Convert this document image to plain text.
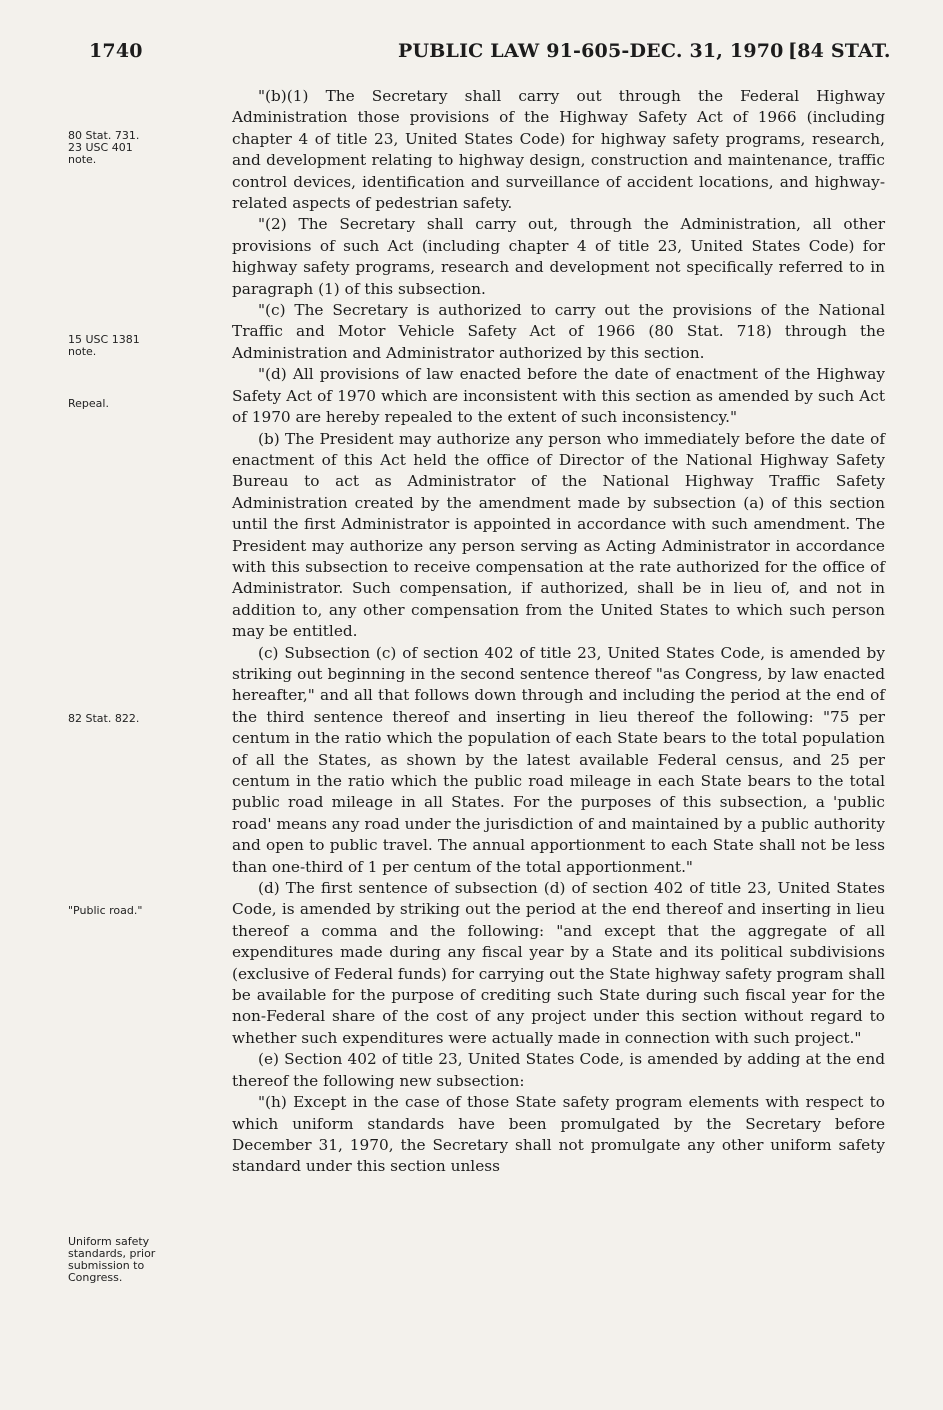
1740	PUBLIC LAW 91-605-DEC. 31, 1970 [84 STAT.
80 Stat. 731.
23 USC 401
note.
15 USC 1381
note.
Repeal.
82 Stat. 822.
"Public road."
Uniform safety
standards, prior
submission to
Congress.

"(b)(1) The Secretary shall carry out through the Federal Highway Administration those provisions of the Highway Safety Act of 1966 (including chapter 4 of title 23, United States Code) for highway safety programs, research, and development relating to highway design, construction and maintenance, traffic control devices, identification and surveillance of accident locations, and highway-related aspects of pedestrian safety.

"(2) The Secretary shall carry out, through the Administration, all other provisions of such Act (including chapter 4 of title 23, United States Code) for highway safety programs, research and development not specifically referred to in paragraph (1) of this subsection.

"(c) The Secretary is authorized to carry out the provisions of the National Traffic and Motor Vehicle Safety Act of 1966 (80 Stat. 718) through the Administration and Administrator authorized by this section.

"(d) All provisions of law enacted before the date of enactment of the Highway Safety Act of 1970 which are inconsistent with this section as amended by such Act of 1970 are hereby repealed to the extent of such inconsistency."

(b) The President may authorize any person who immediately before the date of enactment of this Act held the office of Director of the National Highway Safety Bureau to act as Administrator of the National Highway Traffic Safety Administration created by the amendment made by subsection (a) of this section until the first Administrator is appointed in accordance with such amendment. The President may authorize any person serving as Acting Administrator in accordance with this subsection to receive compensation at the rate authorized for the office of Administrator. Such compensation, if authorized, shall be in lieu of, and not in addition to, any other compensation from the United States to which such person may be entitled.

(c) Subsection (c) of section 402 of title 23, United States Code, is amended by striking out beginning in the second sentence thereof "as Congress, by law enacted hereafter," and all that follows down through and including the period at the end of the third sentence thereof and inserting in lieu thereof the following: "75 per centum in the ratio which the population of each State bears to the total population of all the States, as shown by the latest available Federal census, and 25 per centum in the ratio which the public road mileage in each State bears to the total public road mileage in all States. For the purposes of this subsection, a 'public road' means any road under the jurisdiction of and maintained by a public authority and open to public travel. The annual apportionment to each State shall not be less than one-third of 1 per centum of the total apportionment."

(d) The first sentence of subsection (d) of section 402 of title 23, United States Code, is amended by striking out the period at the end thereof and inserting in lieu thereof a comma and the following: "and except that the aggregate of all expenditures made during any fiscal year by a State and its political subdivisions (exclusive of Federal funds) for carrying out the State highway safety program shall be available for the purpose of crediting such State during such fiscal year for the non-Federal share of the cost of any project under this section without regard to whether such expenditures were actually made in connection with such project."

(e) Section 402 of title 23, United States Code, is amended by adding at the end thereof the following new subsection:

"(h) Except in the case of those State safety program elements with respect to which uniform standards have been promulgated by the Secretary before December 31, 1970, the Secretary shall not promulgate any other uniform safety standard under this section unless
